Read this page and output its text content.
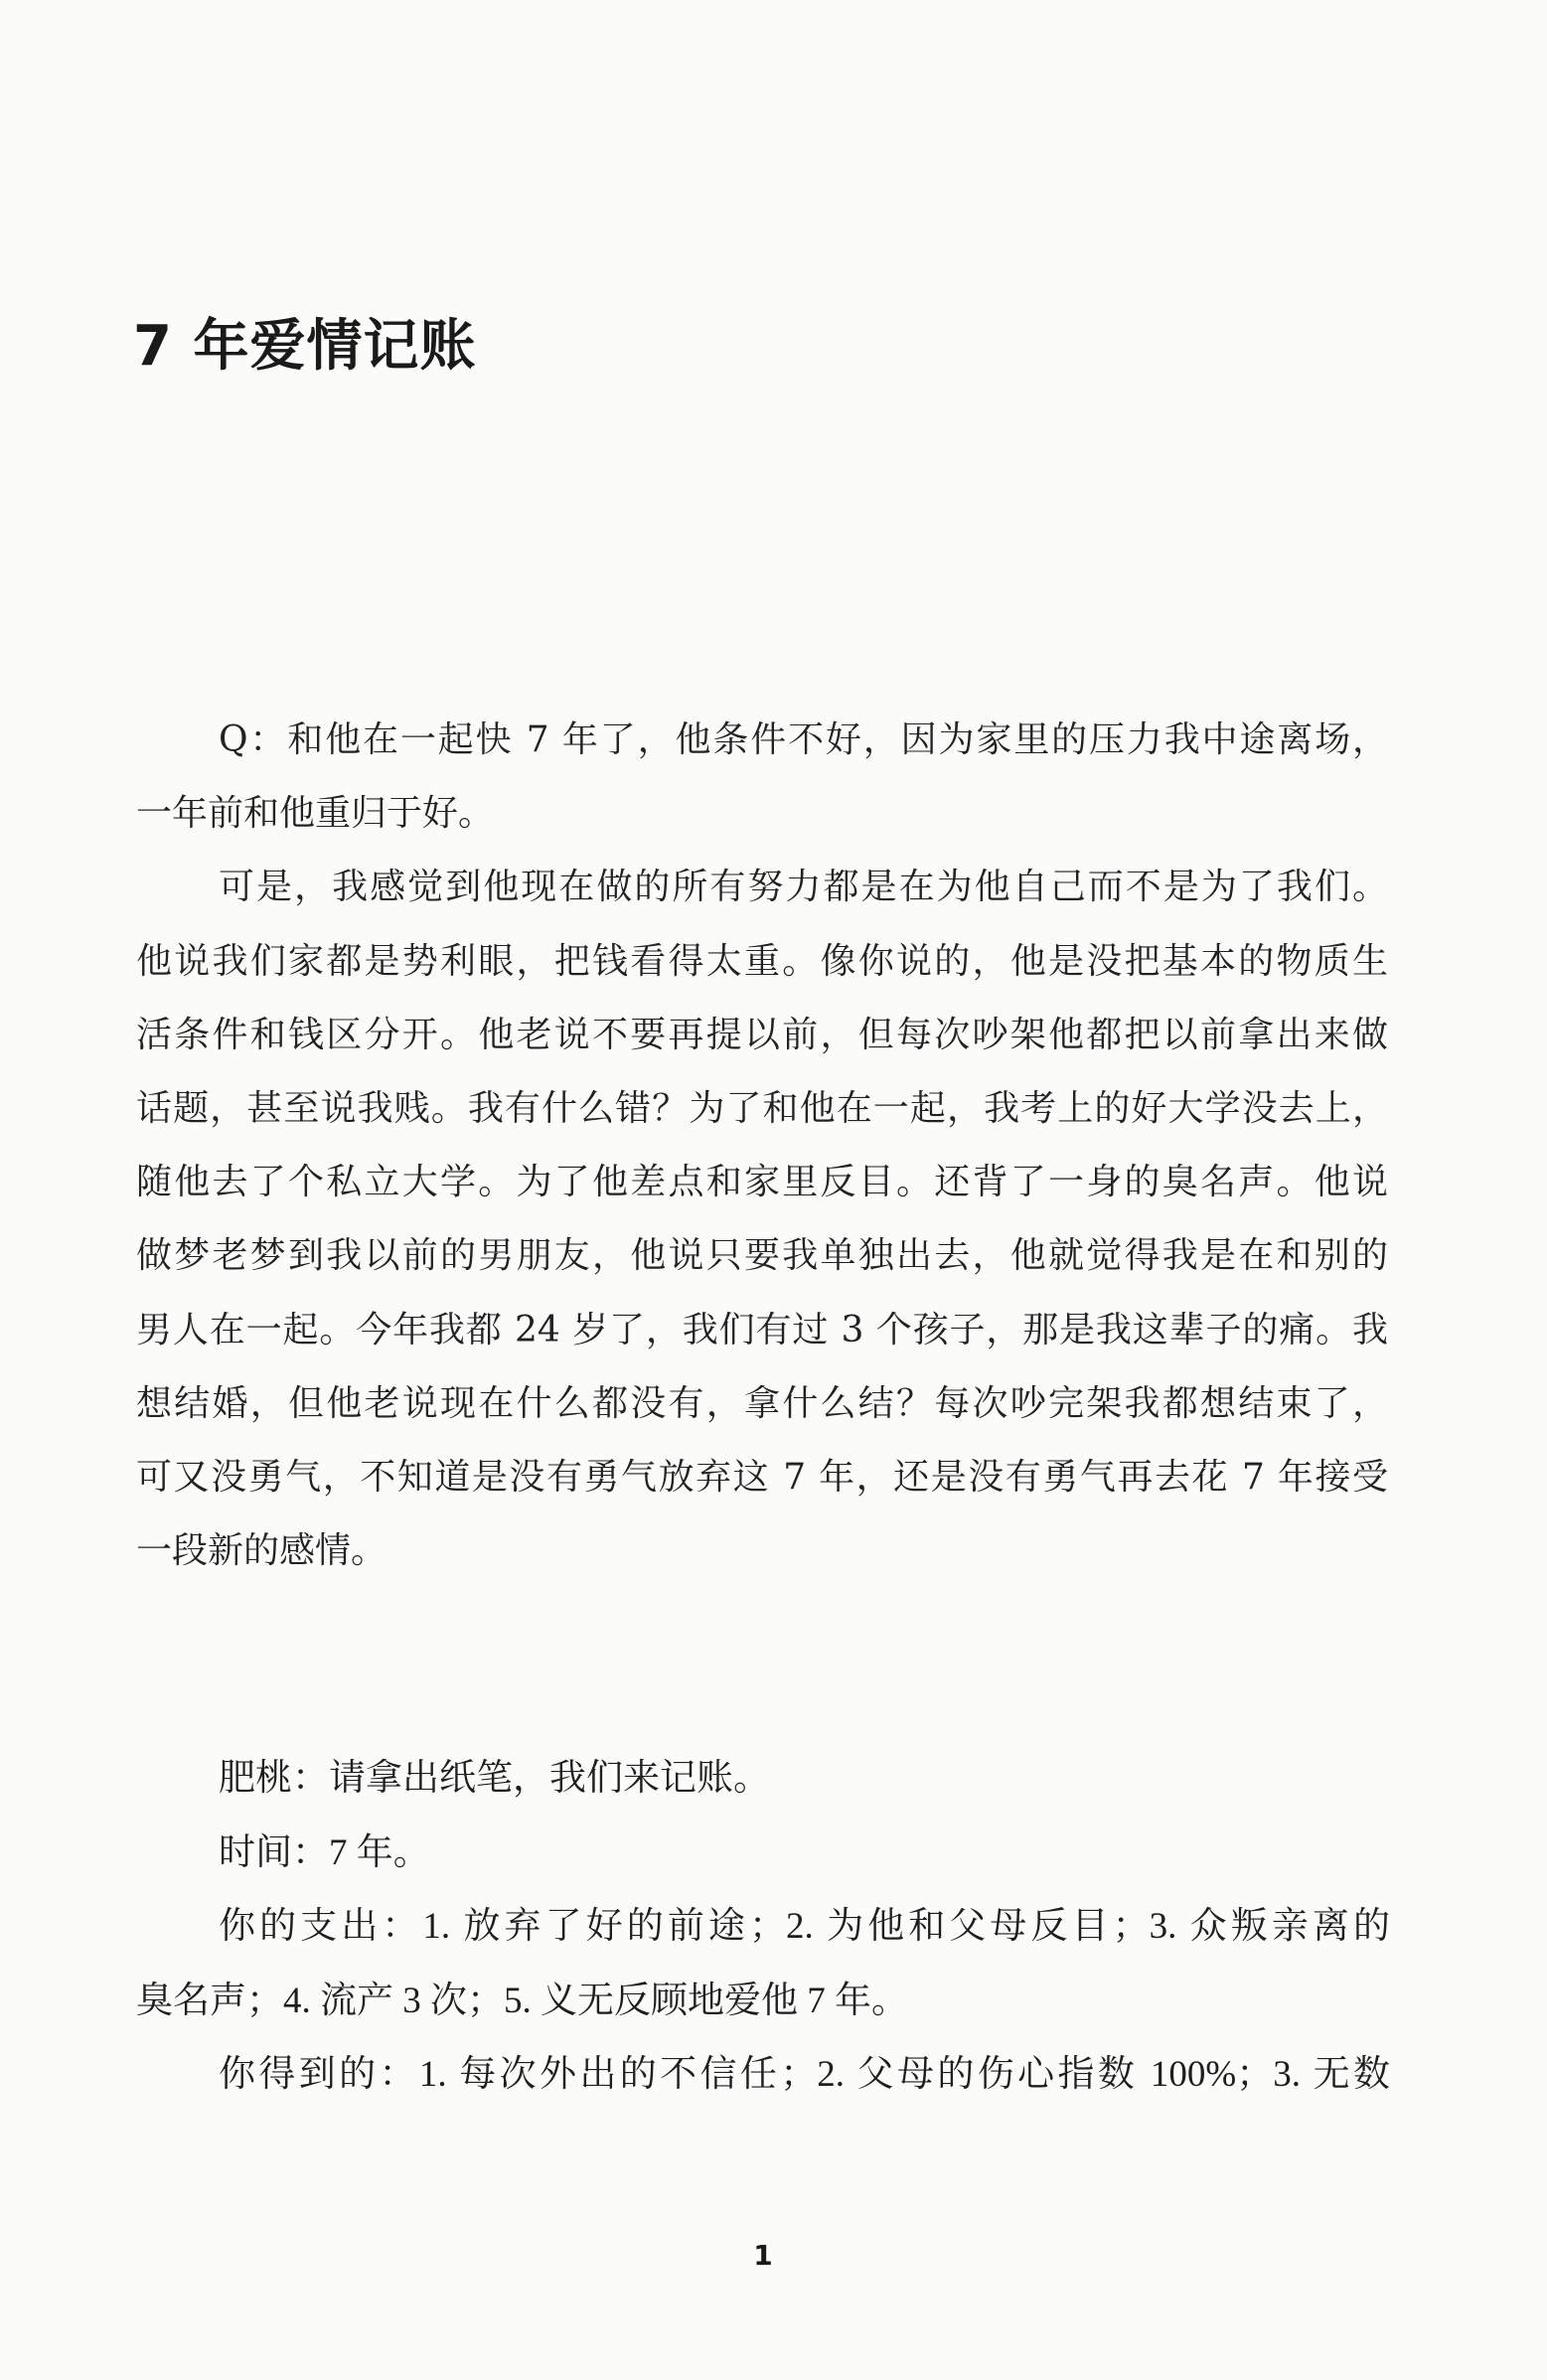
7 年爱情记账
Q：和他在一起快 7 年了，他条件不好，因为家里的压力我中途离场，
一年前和他重归于好。
可是，我感觉到他现在做的所有努力都是在为他自己而不是为了我们。
他说我们家都是势利眼，把钱看得太重。像你说的，他是没把基本的物质生
活条件和钱区分开。他老说不要再提以前，但每次吵架他都把以前拿出来做
话题，甚至说我贱。我有什么错？为了和他在一起，我考上的好大学没去上，
随他去了个私立大学。为了他差点和家里反目。还背了一身的臭名声。他说
做梦老梦到我以前的男朋友，他说只要我单独出去，他就觉得我是在和别的
男人在一起。今年我都 24 岁了，我们有过 3 个孩子，那是我这辈子的痛。我
想结婚，但他老说现在什么都没有，拿什么结？每次吵完架我都想结束了，
可又没勇气，不知道是没有勇气放弃这 7 年，还是没有勇气再去花 7 年接受
一段新的感情。
肥桃：请拿出纸笔，我们来记账。
时间：7 年。
你的支出：1. 放弃了好的前途；2. 为他和父母反目；3. 众叛亲离的
臭名声；4. 流产 3 次；5. 义无反顾地爱他 7 年。
你得到的：1. 每次外出的不信任；2. 父母的伤心指数 100%；3. 无数
1
